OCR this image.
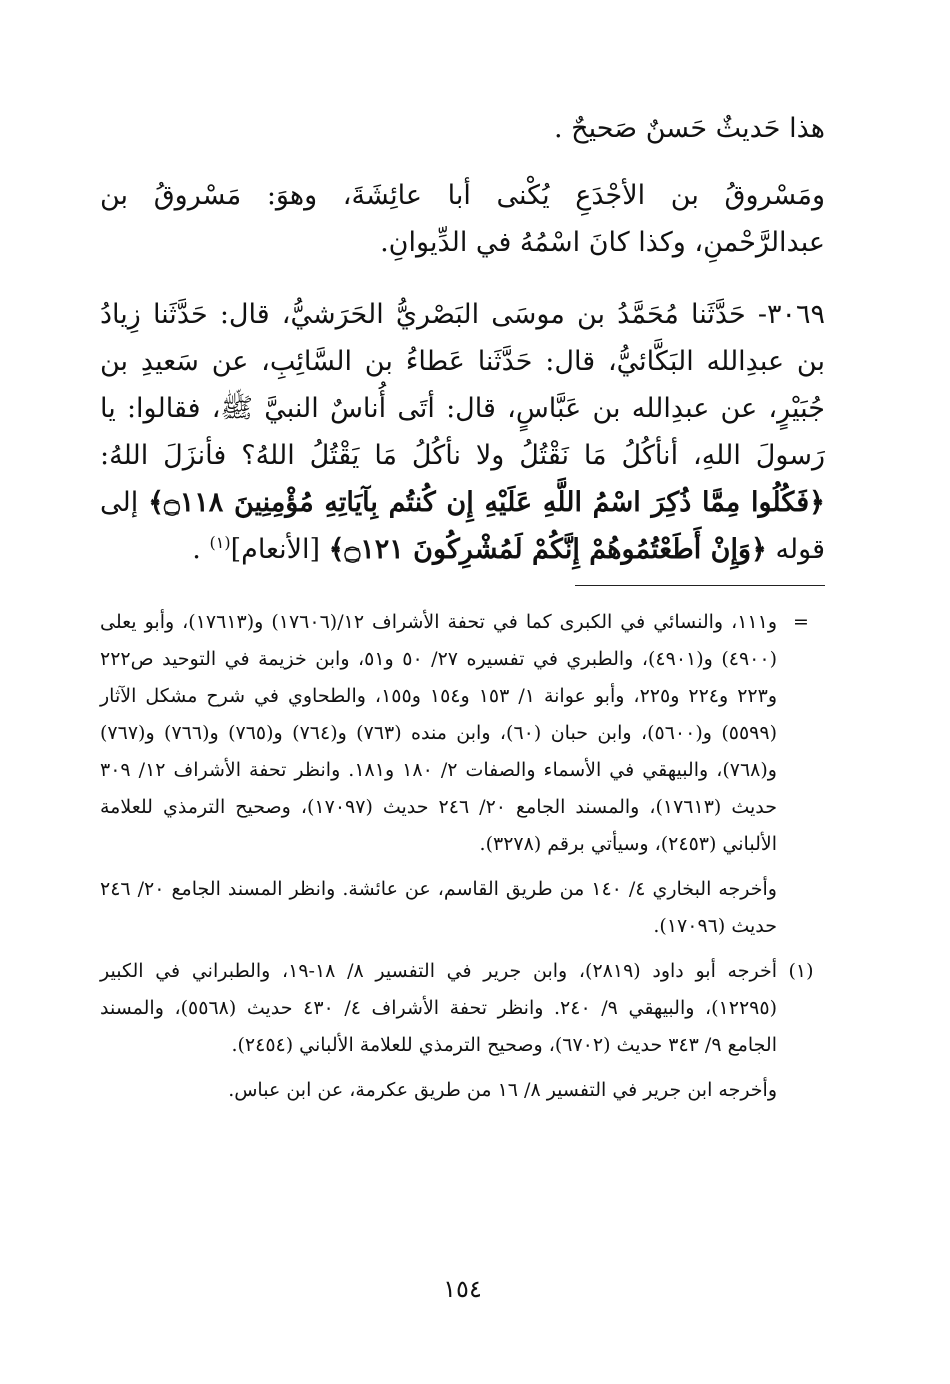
هذا حَديثٌ حَسنٌ صَحيحٌ .

ومَسْروقُ بن الأجْدَعِ يُكْنى أبا عائِشَةَ، وهوَ: مَسْروقُ بن عبدالرَّحْمنِ، وكذا كانَ اسْمُهُ في الدِّيوانِ.

٣٠٦٩- حَدَّثَنا مُحَمَّدُ بن موسَى البَصْريُّ الحَرَشيُّ، قال: حَدَّثَنا زِيادُ بن عبدِالله البَكَّائيُّ، قال: حَدَّثَنا عَطاءُ بن السَّائِبِ، عن سَعيدِ بن جُبَيْرٍ، عن عبدِالله بن عَبَّاسٍ، قال: أتَى أُناسٌ النبيَّ ﷺ، فقالوا: يا رَسولَ اللهِ، أنأكُلُ مَا نَقْتُلُ ولا نأكُلُ مَا يَقْتُلُ اللهُ؟ فأنزَلَ اللهُ: ﴿فَكُلُوا مِمَّا ذُكِرَ اسْمُ اللَّهِ عَلَيْهِ إِن كُنتُم بِآيَاتِهِ مُؤْمِنِينَ ۝١١٨﴾ إلى قوله ﴿وَإِنْ أَطَعْتُمُوهُمْ إِنَّكُمْ لَمُشْرِكُونَ ۝١٢١﴾ [الأنعام]$^{(١)}$ .

=
و١١١، والنسائي في الكبرى كما في تحفة الأشراف ١٢/(١٧٦٠٦) و(١٧٦١٣)، وأبو يعلى (٤٩٠٠) و(٤٩٠١)، والطبري في تفسيره ٢٧/ ٥٠ و٥١، وابن خزيمة في التوحيد ص٢٢٢ و٢٢٣ و٢٢٤ و٢٢٥، وأبو عوانة ١/ ١٥٣ و١٥٤ و١٥٥، والطحاوي في شرح مشكل الآثار (٥٥٩٩) و(٥٦٠٠)، وابن حبان (٦٠)، وابن منده (٧٦٣) و(٧٦٤) و(٧٦٥) و(٧٦٦) و(٧٦٧) و(٧٦٨)، والبيهقي في الأسماء والصفات ٢/ ١٨٠ و١٨١. وانظر تحفة الأشراف ١٢/ ٣٠٩ حديث (١٧٦١٣)، والمسند الجامع ٢٠/ ٢٤٦ حديث (١٧٠٩٧)، وصحيح الترمذي للعلامة الألباني (٢٤٥٣)، وسيأتي برقم (٣٢٧٨).
وأخرجه البخاري ٤/ ١٤٠ من طريق القاسم، عن عائشة. وانظر المسند الجامع ٢٠/ ٢٤٦ حديث (١٧٠٩٦).
(١)
أخرجه أبو داود (٢٨١٩)، وابن جرير في التفسير ٨/ ١٨-١٩، والطبراني في الكبير (١٢٢٩٥)، والبيهقي ٩/ ٢٤٠. وانظر تحفة الأشراف ٤/ ٤٣٠ حديث (٥٥٦٨)، والمسند الجامع ٩/ ٣٤٣ حديث (٦٧٠٢)، وصحيح الترمذي للعلامة الألباني (٢٤٥٤).
وأخرجه ابن جرير في التفسير ٨/ ١٦ من طريق عكرمة، عن ابن عباس.
١٥٤
